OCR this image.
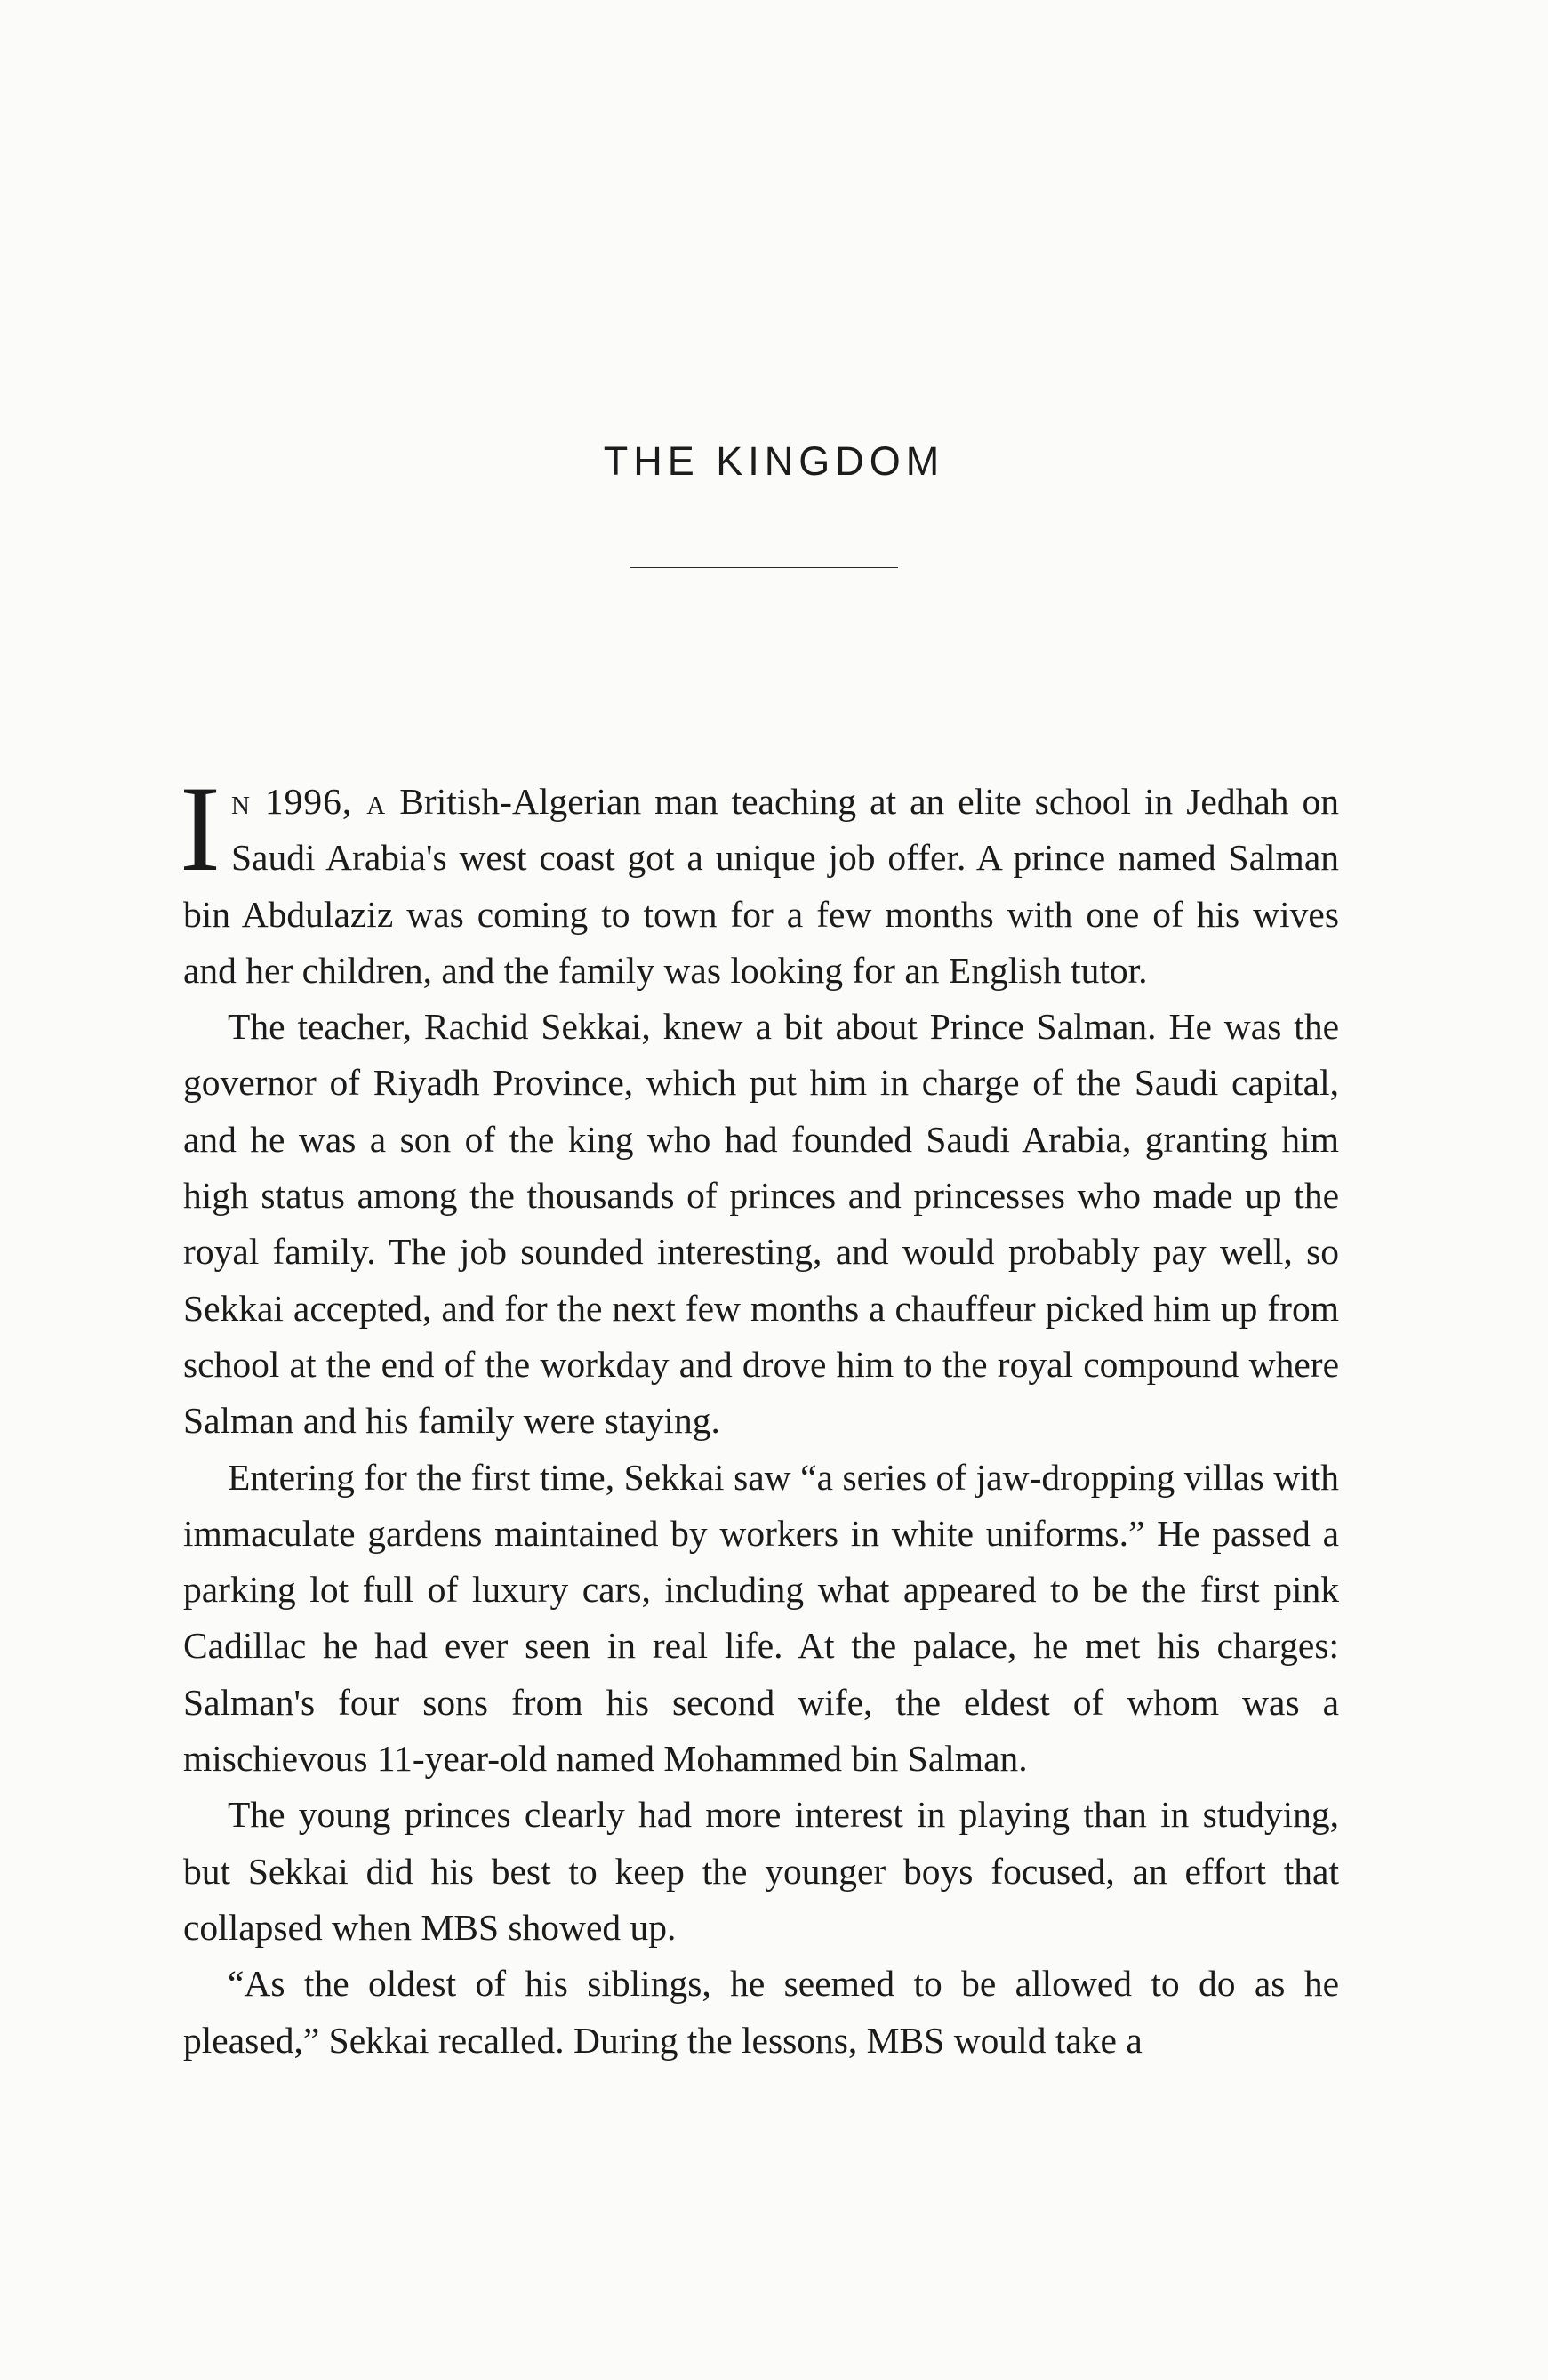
THE KINGDOM

In 1996, a British-Algerian man teaching at an elite school in Jedhah on Saudi Arabia's west coast got a unique job offer. A prince named Salman bin Abdulaziz was coming to town for a few months with one of his wives and her children, and the family was looking for an English tutor.

The teacher, Rachid Sekkai, knew a bit about Prince Salman. He was the governor of Riyadh Province, which put him in charge of the Saudi capital, and he was a son of the king who had founded Saudi Arabia, granting him high status among the thousands of princes and princesses who made up the royal family. The job sounded interesting, and would probably pay well, so Sekkai accepted, and for the next few months a chauffeur picked him up from school at the end of the workday and drove him to the royal compound where Salman and his family were staying.

Entering for the first time, Sekkai saw “a series of jaw-dropping villas with immaculate gardens maintained by workers in white uniforms.” He passed a parking lot full of luxury cars, including what appeared to be the first pink Cadillac he had ever seen in real life. At the palace, he met his charges: Salman's four sons from his second wife, the eldest of whom was a mischievous 11-year-old named Mohammed bin Salman.

The young princes clearly had more interest in playing than in studying, but Sekkai did his best to keep the younger boys focused, an effort that collapsed when MBS showed up.

“As the oldest of his siblings, he seemed to be allowed to do as he pleased,” Sekkai recalled. During the lessons, MBS would take a
